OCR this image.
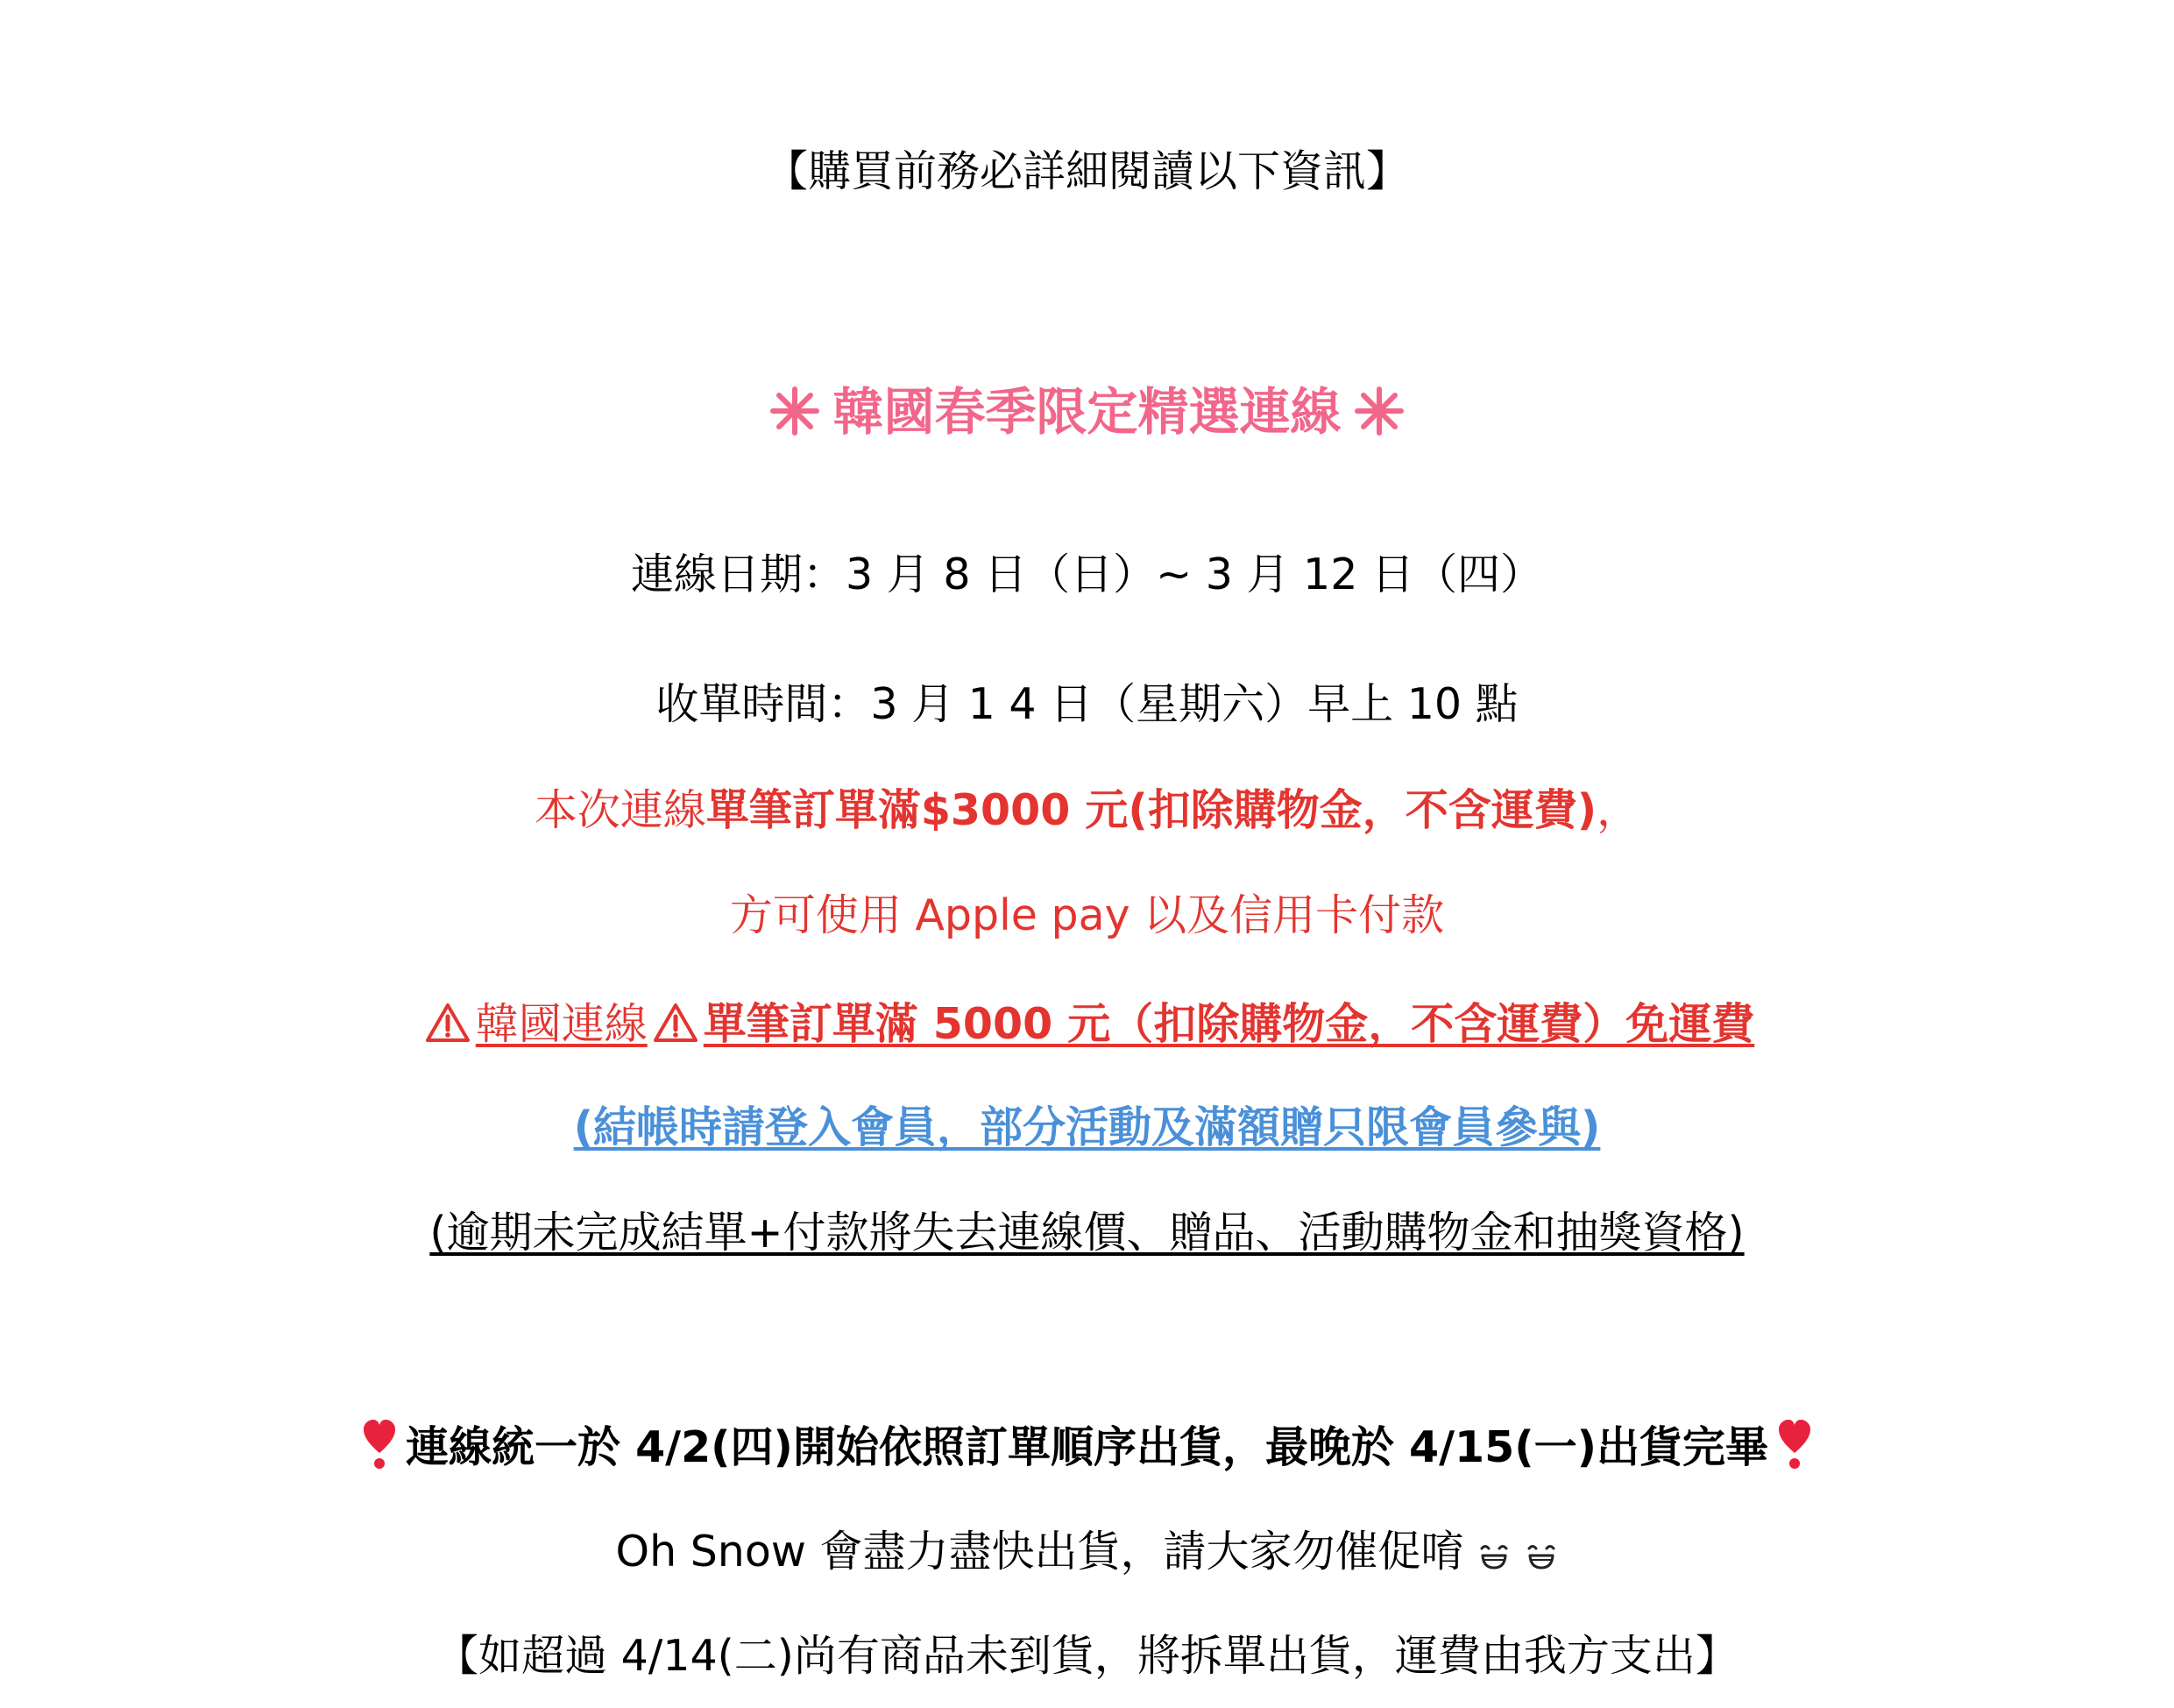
【購買前務必詳細閱讀以下資訊】
韓國春季限定精選連線
連線日期：3 月 8 日（日）~ 3 月 12 日（四）
收單時間：3 月 1 4 日（星期六）早上 10 點
本次連線單筆訂單滿$3000 元(扣除購物金，不含運費)，
方可使用 Apple pay 以及信用卡付款
韓國連線 單筆訂單滿 5000 元（扣除購物金，不含運費）免運費
(結帳時請登入會員，部分活動及滿額贈只限會員參與)
(逾期未完成結單+付款將失去連線價、贈品、活動購物金和抽獎資格)
連線統一於 4/2(四)開始依照訂單順序出貨，最晚於 4/15(一)出貨完畢
Oh Snow 會盡力盡快出貨，請大家勿催促唷
【如超過 4/14(二)尚有商品未到貨，將拆單出貨，運費由我方支出】
